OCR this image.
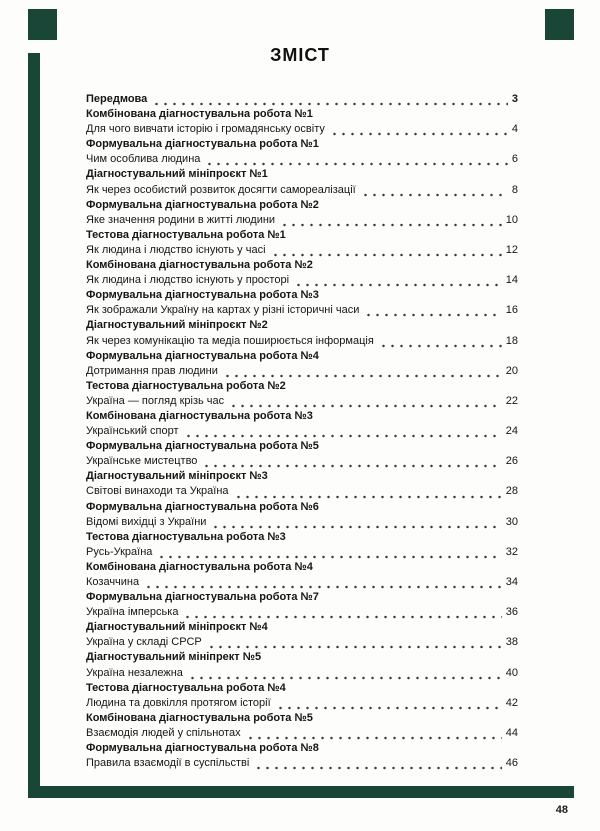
ЗМІСТ
Передмова	3
Комбінована діагностувальна робота №1
Для чого вивчати історію і громадянську освіту	4
Формувальна діагностувальна робота №1
Чим особлива людина	6
Діагностувальний мініпроєкт №1
Як через особистий розвиток досягти самореалізації	8
Формувальна діагностувальна робота №2
Яке значення родини в житті людини	10
Тестова діагностувальна робота №1
Як людина і людство існують у часі	12
Комбінована діагностувальна робота №2
Як людина і людство існують у просторі	14
Формувальна діагностувальна робота №3
Як зображали Україну на картах у різні історичні часи	16
Діагностувальний мініпроєкт №2
Як через комунікацію та медіа поширюється інформація	18
Формувальна діагностувальна робота №4
Дотримання прав людини	20
Тестова діагностувальна робота №2
Україна — погляд крізь час	22
Комбінована діагностувальна робота №3
Український спорт	24
Формувальна діагностувальна робота №5
Українське мистецтво	26
Діагностувальний мініпроєкт №3
Світові винаходи та Україна	28
Формувальна діагностувальна робота №6
Відомі вихідці з України	30
Тестова діагностувальна робота №3
Русь-Україна	32
Комбінована діагностувальна робота №4
Козаччина	34
Формувальна діагностувальна робота №7
Україна імперська	36
Діагностувальний мініпроєкт №4
Україна у складі СРСР	38
Діагностувальний мініпрект №5
Україна незалежна	40
Тестова діагностувальна робота №4
Людина та довкілля протягом історії	42
Комбінована діагностувальна робота №5
Взаємодія людей у спільнотах	44
Формувальна діагностувальна робота №8
Правила взаємодії в суспільстві	46
48
